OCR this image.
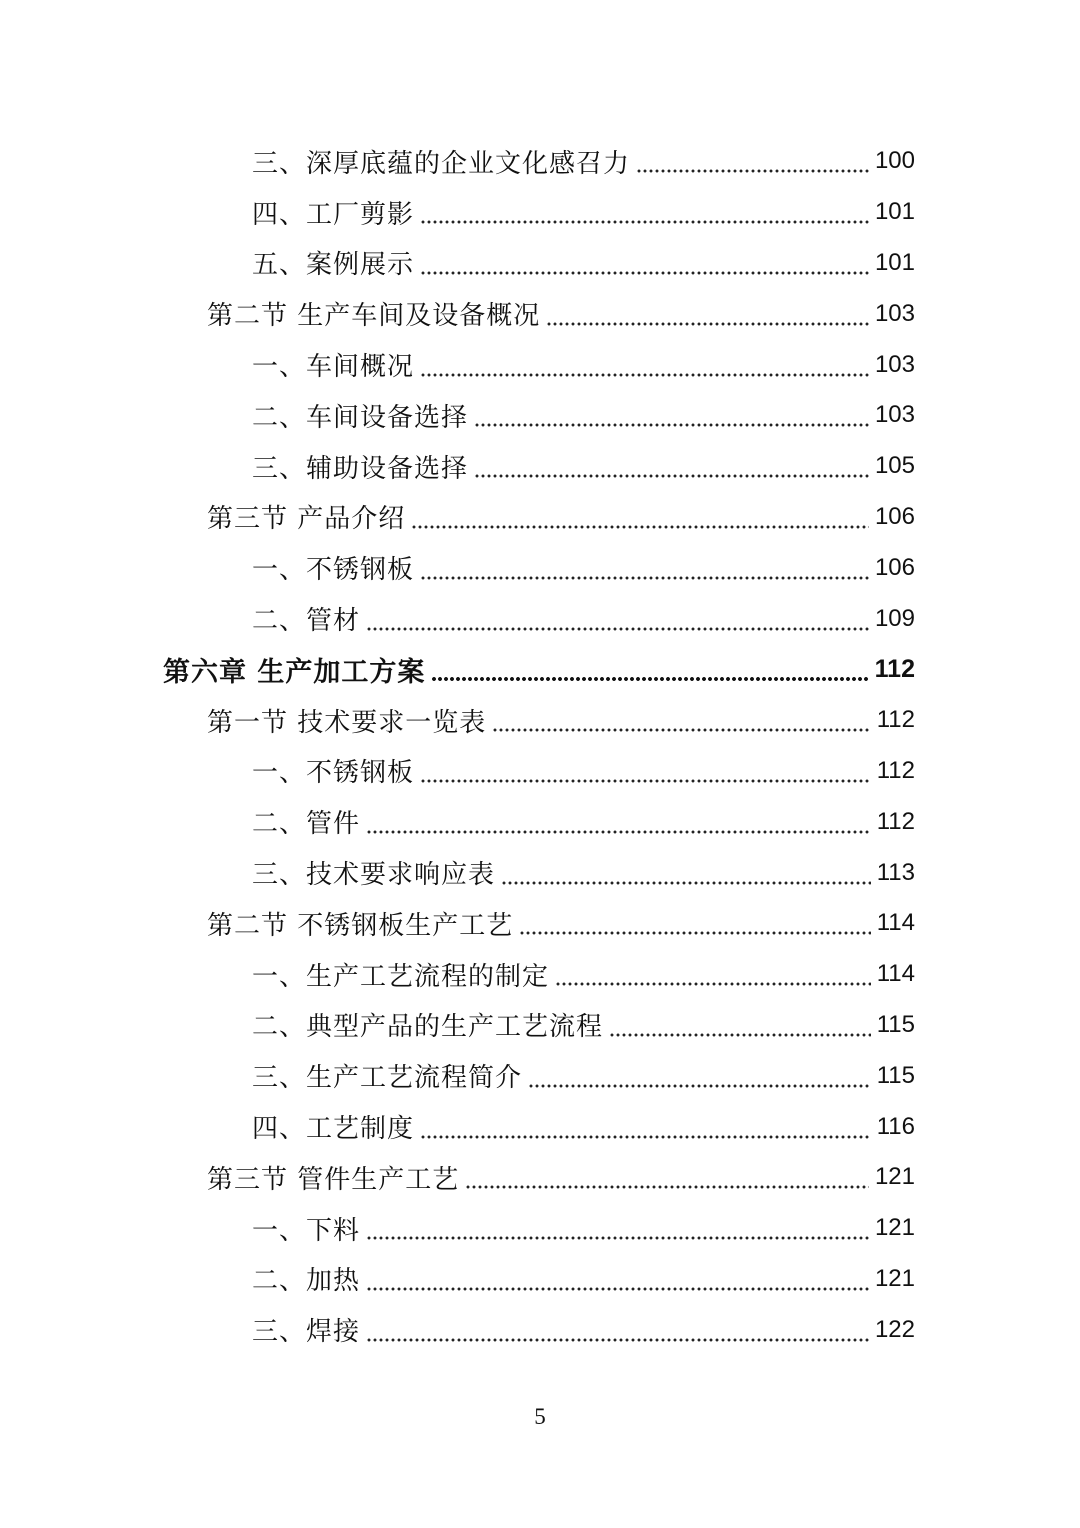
三、深厚底蕴的企业文化感召力	100
四、工厂剪影	101
五、案例展示	101
第二节 生产车间及设备概况	103
一、车间概况	103
二、车间设备选择	103
三、辅助设备选择	105
第三节 产品介绍	106
一、不锈钢板	106
二、管材	109
第六章 生产加工方案	112
第一节 技术要求一览表	112
一、不锈钢板	112
二、管件	112
三、技术要求响应表	113
第二节 不锈钢板生产工艺	114
一、生产工艺流程的制定	114
二、典型产品的生产工艺流程	115
三、生产工艺流程简介	115
四、工艺制度	116
第三节 管件生产工艺	121
一、下料	121
二、加热	121
三、焊接	122
5
